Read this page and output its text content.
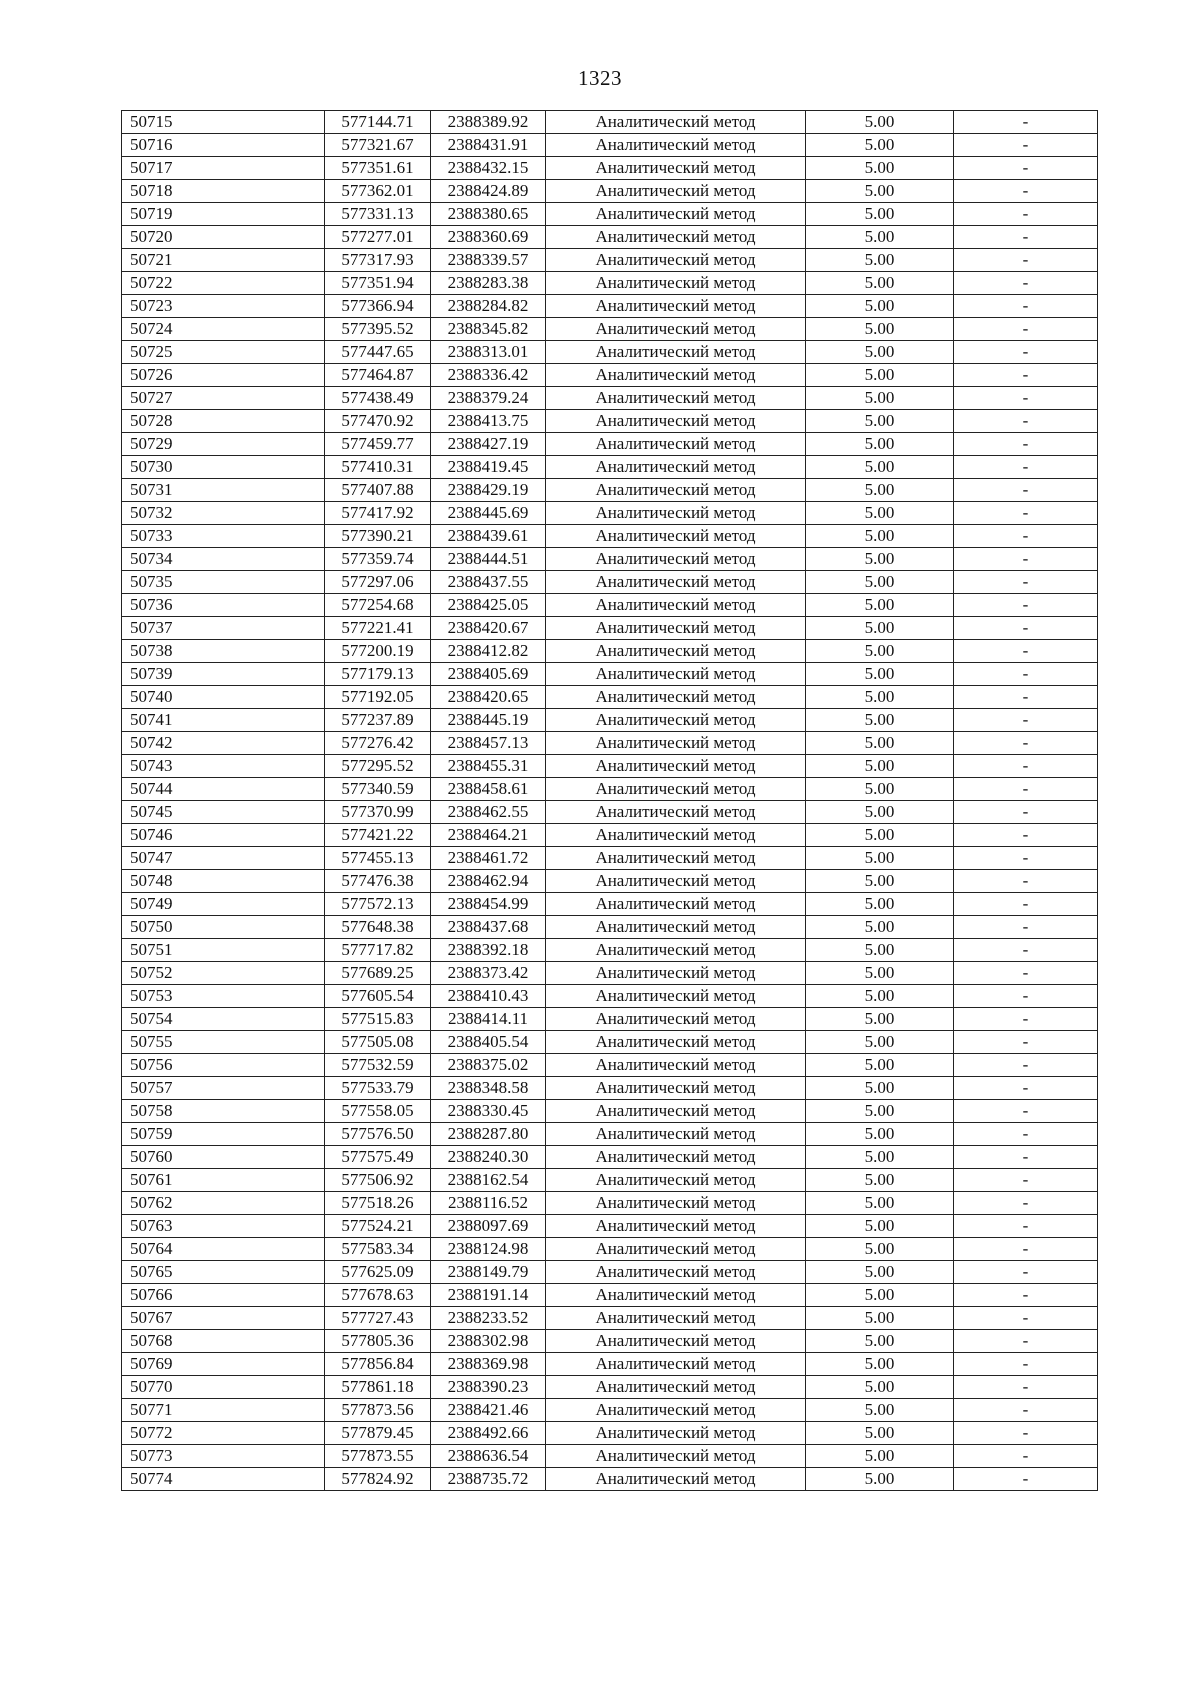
1323
50715	577144.71	2388389.92	Аналитический метод	5.00	-
50716	577321.67	2388431.91	Аналитический метод	5.00	-
50717	577351.61	2388432.15	Аналитический метод	5.00	-
50718	577362.01	2388424.89	Аналитический метод	5.00	-
50719	577331.13	2388380.65	Аналитический метод	5.00	-
50720	577277.01	2388360.69	Аналитический метод	5.00	-
50721	577317.93	2388339.57	Аналитический метод	5.00	-
50722	577351.94	2388283.38	Аналитический метод	5.00	-
50723	577366.94	2388284.82	Аналитический метод	5.00	-
50724	577395.52	2388345.82	Аналитический метод	5.00	-
50725	577447.65	2388313.01	Аналитический метод	5.00	-
50726	577464.87	2388336.42	Аналитический метод	5.00	-
50727	577438.49	2388379.24	Аналитический метод	5.00	-
50728	577470.92	2388413.75	Аналитический метод	5.00	-
50729	577459.77	2388427.19	Аналитический метод	5.00	-
50730	577410.31	2388419.45	Аналитический метод	5.00	-
50731	577407.88	2388429.19	Аналитический метод	5.00	-
50732	577417.92	2388445.69	Аналитический метод	5.00	-
50733	577390.21	2388439.61	Аналитический метод	5.00	-
50734	577359.74	2388444.51	Аналитический метод	5.00	-
50735	577297.06	2388437.55	Аналитический метод	5.00	-
50736	577254.68	2388425.05	Аналитический метод	5.00	-
50737	577221.41	2388420.67	Аналитический метод	5.00	-
50738	577200.19	2388412.82	Аналитический метод	5.00	-
50739	577179.13	2388405.69	Аналитический метод	5.00	-
50740	577192.05	2388420.65	Аналитический метод	5.00	-
50741	577237.89	2388445.19	Аналитический метод	5.00	-
50742	577276.42	2388457.13	Аналитический метод	5.00	-
50743	577295.52	2388455.31	Аналитический метод	5.00	-
50744	577340.59	2388458.61	Аналитический метод	5.00	-
50745	577370.99	2388462.55	Аналитический метод	5.00	-
50746	577421.22	2388464.21	Аналитический метод	5.00	-
50747	577455.13	2388461.72	Аналитический метод	5.00	-
50748	577476.38	2388462.94	Аналитический метод	5.00	-
50749	577572.13	2388454.99	Аналитический метод	5.00	-
50750	577648.38	2388437.68	Аналитический метод	5.00	-
50751	577717.82	2388392.18	Аналитический метод	5.00	-
50752	577689.25	2388373.42	Аналитический метод	5.00	-
50753	577605.54	2388410.43	Аналитический метод	5.00	-
50754	577515.83	2388414.11	Аналитический метод	5.00	-
50755	577505.08	2388405.54	Аналитический метод	5.00	-
50756	577532.59	2388375.02	Аналитический метод	5.00	-
50757	577533.79	2388348.58	Аналитический метод	5.00	-
50758	577558.05	2388330.45	Аналитический метод	5.00	-
50759	577576.50	2388287.80	Аналитический метод	5.00	-
50760	577575.49	2388240.30	Аналитический метод	5.00	-
50761	577506.92	2388162.54	Аналитический метод	5.00	-
50762	577518.26	2388116.52	Аналитический метод	5.00	-
50763	577524.21	2388097.69	Аналитический метод	5.00	-
50764	577583.34	2388124.98	Аналитический метод	5.00	-
50765	577625.09	2388149.79	Аналитический метод	5.00	-
50766	577678.63	2388191.14	Аналитический метод	5.00	-
50767	577727.43	2388233.52	Аналитический метод	5.00	-
50768	577805.36	2388302.98	Аналитический метод	5.00	-
50769	577856.84	2388369.98	Аналитический метод	5.00	-
50770	577861.18	2388390.23	Аналитический метод	5.00	-
50771	577873.56	2388421.46	Аналитический метод	5.00	-
50772	577879.45	2388492.66	Аналитический метод	5.00	-
50773	577873.55	2388636.54	Аналитический метод	5.00	-
50774	577824.92	2388735.72	Аналитический метод	5.00	-
